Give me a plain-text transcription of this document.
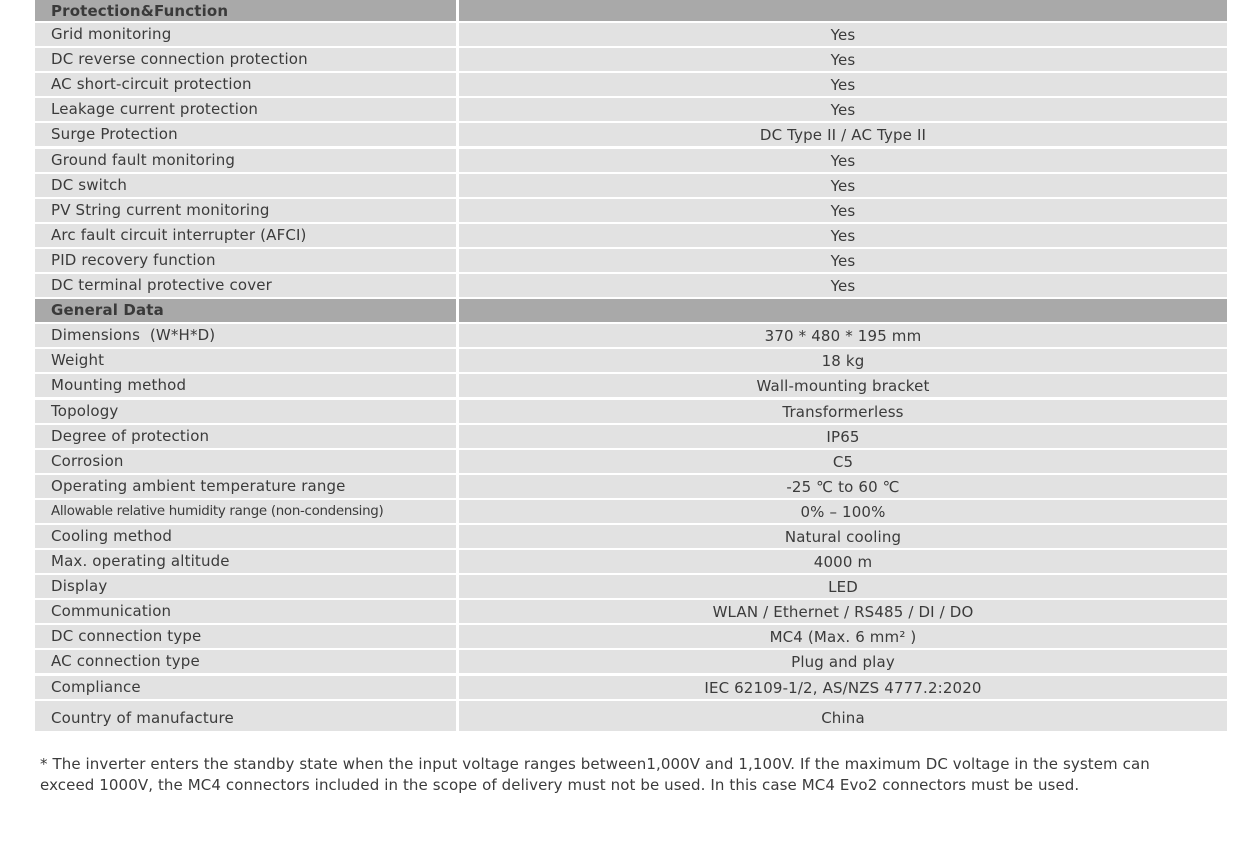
Protection&Function
Grid monitoring	Yes
DC reverse connection protection	Yes
AC short-circuit protection	Yes
Leakage current protection	Yes
Surge Protection	DC Type II / AC Type II
Ground fault monitoring	Yes
DC switch	Yes
PV String current monitoring	Yes
Arc fault circuit interrupter (AFCI)	Yes
PID recovery function	Yes
DC terminal protective cover	Yes
General Data
Dimensions  (W*H*D)	370 * 480 * 195 mm
Weight	18 kg
Mounting method	Wall-mounting bracket
Topology	Transformerless
Degree of protection	IP65
Corrosion	C5
Operating ambient temperature range	-25 ℃ to 60 ℃
Allowable relative humidity range (non-condensing)	0% – 100%
Cooling method	Natural cooling
Max. operating altitude	4000 m
Display	LED
Communication	WLAN / Ethernet / RS485 / DI / DO
DC connection type	MC4 (Max. 6 mm² )
AC connection type	Plug and play
Compliance	IEC 62109-1/2, AS/NZS 4777.2:2020
Country of manufacture	China

* The inverter enters the standby state when the input voltage ranges between1,000V and 1,100V. If the maximum DC voltage in the system can

exceed 1000V, the MC4 connectors included in the scope of delivery must not be used. In this case MC4 Evo2 connectors must be used.
